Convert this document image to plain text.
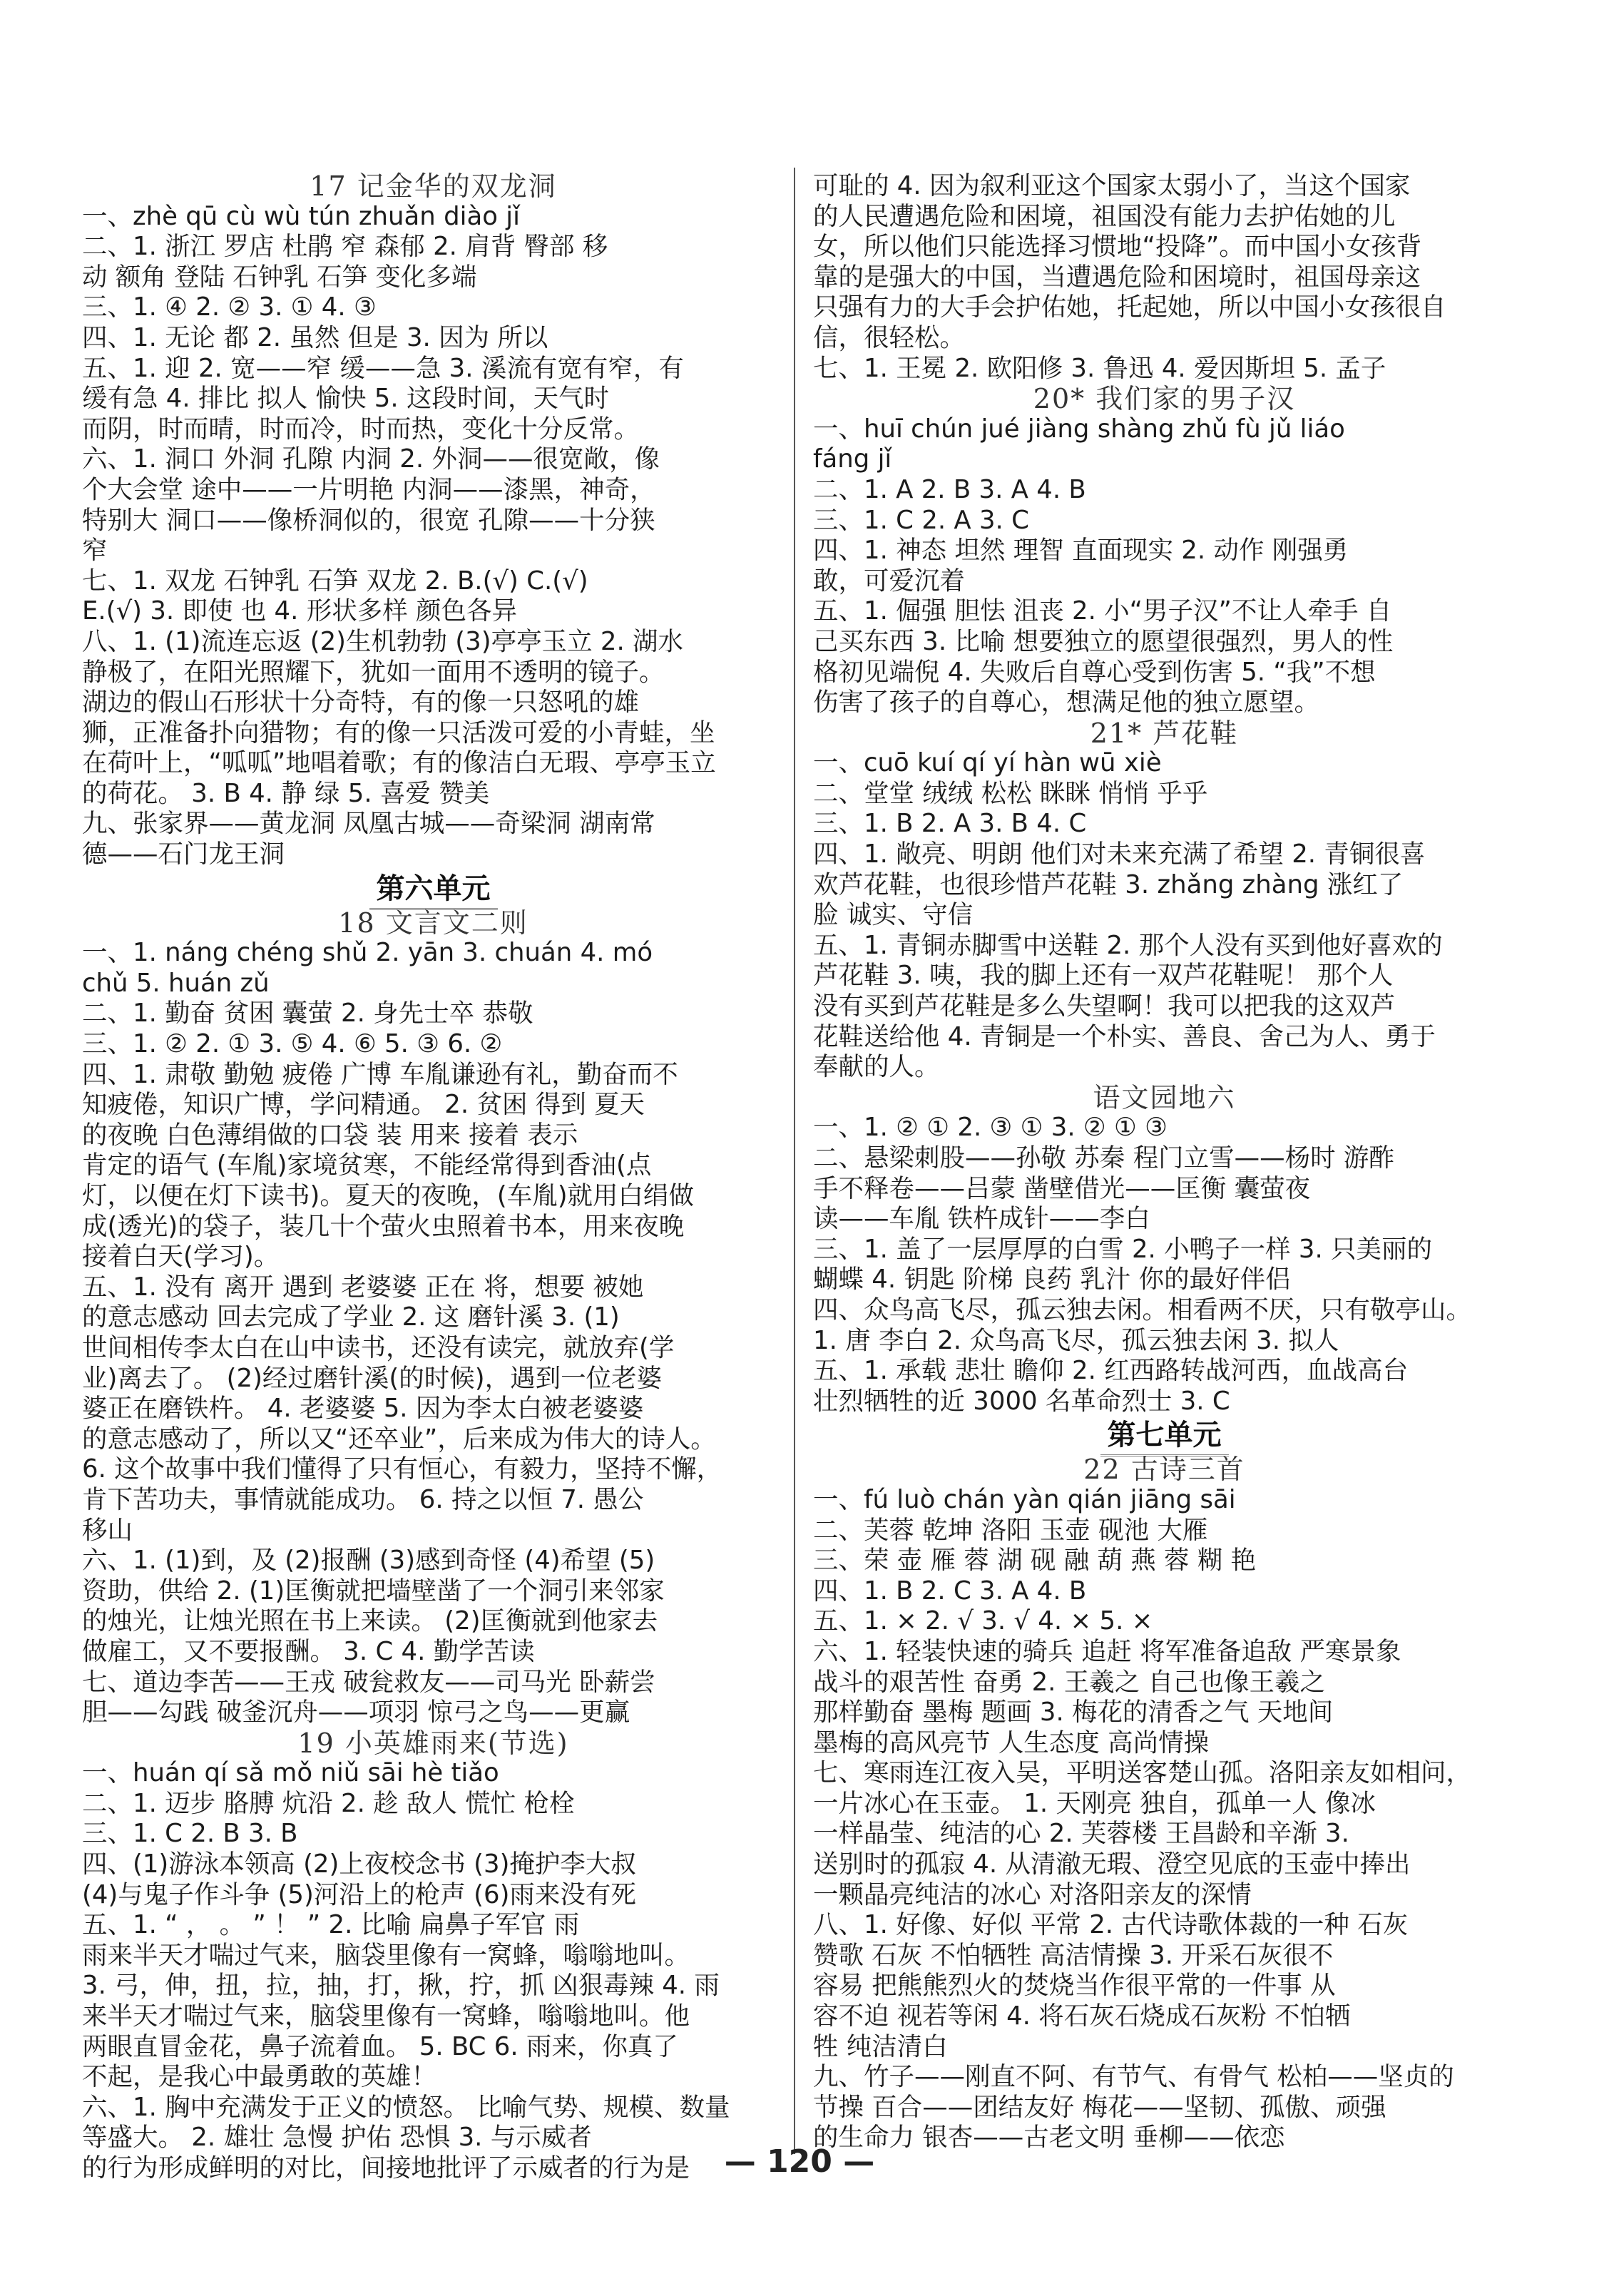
17 记金华的双龙洞
一、zhè qū cù wù tún zhuǎn diào jǐ
二、1. 浙江 罗店 杜鹃 窄 森郁 2. 肩背 臀部 移
动 额角 登陆 石钟乳 石笋 变化多端
三、1. ④ 2. ② 3. ① 4. ③
四、1. 无论 都 2. 虽然 但是 3. 因为 所以
五、1. 迎 2. 宽——窄 缓——急 3. 溪流有宽有窄，有
缓有急 4. 排比 拟人 愉快 5. 这段时间，天气时
而阴，时而晴，时而冷，时而热，变化十分反常。
六、1. 洞口 外洞 孔隙 内洞 2. 外洞——很宽敞，像
个大会堂 途中——一片明艳 内洞——漆黑，神奇，
特别大 洞口——像桥洞似的，很宽 孔隙——十分狭
窄
七、1. 双龙 石钟乳 石笋 双龙 2. B.(√) C.(√)
E.(√) 3. 即使 也 4. 形状多样 颜色各异
八、1. (1)流连忘返 (2)生机勃勃 (3)亭亭玉立 2. 湖水
静极了，在阳光照耀下，犹如一面用不透明的镜子。
湖边的假山石形状十分奇特，有的像一只怒吼的雄
狮，正准备扑向猎物；有的像一只活泼可爱的小青蛙，坐
在荷叶上，“呱呱”地唱着歌；有的像洁白无瑕、亭亭玉立
的荷花。 3. B 4. 静 绿 5. 喜爱 赞美
九、张家界——黄龙洞 凤凰古城——奇梁洞 湖南常
德——石门龙王洞
第六单元
18 文言文二则
一、1. náng chéng shǔ 2. yān 3. chuán 4. mó
chǔ 5. huán zǔ
二、1. 勤奋 贫困 囊萤 2. 身先士卒 恭敬
三、1. ② 2. ① 3. ⑤ 4. ⑥ 5. ③ 6. ②
四、1. 肃敬 勤勉 疲倦 广博 车胤谦逊有礼，勤奋而不
知疲倦，知识广博，学问精通。 2. 贫困 得到 夏天
的夜晚 白色薄绢做的口袋 装 用来 接着 表示
肯定的语气 (车胤)家境贫寒，不能经常得到香油(点
灯，以便在灯下读书)。夏天的夜晚，(车胤)就用白绢做
成(透光)的袋子，装几十个萤火虫照着书本，用来夜晚
接着白天(学习)。
五、1. 没有 离开 遇到 老婆婆 正在 将，想要 被她
的意志感动 回去完成了学业 2. 这 磨针溪 3. (1)
世间相传李太白在山中读书，还没有读完，就放弃(学
业)离去了。 (2)经过磨针溪(的时候)，遇到一位老婆
婆正在磨铁杵。 4. 老婆婆 5. 因为李太白被老婆婆
的意志感动了，所以又“还卒业”，后来成为伟大的诗人。
6. 这个故事中我们懂得了只有恒心，有毅力，坚持不懈，
肯下苦功夫，事情就能成功。 6. 持之以恒 7. 愚公
移山
六、1. (1)到，及 (2)报酬 (3)感到奇怪 (4)希望 (5)
资助，供给 2. (1)匡衡就把墙壁凿了一个洞引来邻家
的烛光，让烛光照在书上来读。 (2)匡衡就到他家去
做雇工，又不要报酬。 3. C 4. 勤学苦读
七、道边李苦——王戎 破瓮救友——司马光 卧薪尝
胆——勾践 破釜沉舟——项羽 惊弓之鸟——更赢
19 小英雄雨来(节选)
一、huán qí sǎ mǒ niǔ sāi hè tiǎo
二、1. 迈步 胳膊 炕沿 2. 趁 敌人 慌忙 枪栓
三、1. C 2. B 3. B
四、(1)游泳本领高 (2)上夜校念书 (3)掩护李大叔
(4)与鬼子作斗争 (5)河沿上的枪声 (6)雨来没有死
五、1. “ ， 。 ” ！ ” 2. 比喻 扁鼻子军官 雨
雨来半天才喘过气来，脑袋里像有一窝蜂，嗡嗡地叫。
3. 弓，伸，扭，拉，抽，打，揪，拧，抓 凶狠毒辣 4. 雨
来半天才喘过气来，脑袋里像有一窝蜂，嗡嗡地叫。他
两眼直冒金花，鼻子流着血。 5. BC 6. 雨来，你真了
不起，是我心中最勇敢的英雄！
六、1. 胸中充满发于正义的愤怒。 比喻气势、规模、数量
等盛大。 2. 雄壮 急慢 护佑 恐惧 3. 与示威者
的行为形成鲜明的对比，间接地批评了示威者的行为是
可耻的 4. 因为叙利亚这个国家太弱小了，当这个国家
的人民遭遇危险和困境，祖国没有能力去护佑她的儿
女，所以他们只能选择习惯地“投降”。而中国小女孩背
靠的是强大的中国，当遭遇危险和困境时，祖国母亲这
只强有力的大手会护佑她，托起她，所以中国小女孩很自
信，很轻松。
七、1. 王冕 2. 欧阳修 3. 鲁迅 4. 爱因斯坦 5. 孟子
20* 我们家的男子汉
一、huī chún jué jiàng shàng zhǔ fù jǔ liáo
fáng jǐ
二、1. A 2. B 3. A 4. B
三、1. C 2. A 3. C
四、1. 神态 坦然 理智 直面现实 2. 动作 刚强勇
敢，可爱沉着
五、1. 倔强 胆怯 沮丧 2. 小“男子汉”不让人牵手 自
己买东西 3. 比喻 想要独立的愿望很强烈，男人的性
格初见端倪 4. 失败后自尊心受到伤害 5. “我”不想
伤害了孩子的自尊心，想满足他的独立愿望。
21* 芦花鞋
一、cuō kuí qí yí hàn wū xiè
二、堂堂 绒绒 松松 眯眯 悄悄 乎乎
三、1. B 2. A 3. B 4. C
四、1. 敞亮、明朗 他们对未来充满了希望 2. 青铜很喜
欢芦花鞋，也很珍惜芦花鞋 3. zhǎng zhàng 涨红了
脸 诚实、守信
五、1. 青铜赤脚雪中送鞋 2. 那个人没有买到他好喜欢的
芦花鞋 3. 咦，我的脚上还有一双芦花鞋呢！ 那个人
没有买到芦花鞋是多么失望啊！我可以把我的这双芦
花鞋送给他 4. 青铜是一个朴实、善良、舍己为人、勇于
奉献的人。
语文园地六
一、1. ② ① 2. ③ ① 3. ② ① ③
二、悬梁刺股——孙敬 苏秦 程门立雪——杨时 游酢
手不释卷——吕蒙 凿壁借光——匡衡 囊萤夜
读——车胤 铁杵成针——李白
三、1. 盖了一层厚厚的白雪 2. 小鸭子一样 3. 只美丽的
蝴蝶 4. 钥匙 阶梯 良药 乳汁 你的最好伴侣
四、众鸟高飞尽，孤云独去闲。相看两不厌，只有敬亭山。
1. 唐 李白 2. 众鸟高飞尽，孤云独去闲 3. 拟人
五、1. 承载 悲壮 瞻仰 2. 红西路转战河西，血战高台
壮烈牺牲的近 3000 名革命烈士 3. C
第七单元
22 古诗三首
一、fú luò chán yàn qián jiāng sāi
二、芙蓉 乾坤 洛阳 玉壶 砚池 大雁
三、荣 壶 雁 蓉 湖 砚 融 葫 燕 蓉 糊 艳
四、1. B 2. C 3. A 4. B
五、1. × 2. √ 3. √ 4. × 5. ×
六、1. 轻装快速的骑兵 追赶 将军准备追敌 严寒景象
战斗的艰苦性 奋勇 2. 王羲之 自己也像王羲之
那样勤奋 墨梅 题画 3. 梅花的清香之气 天地间
墨梅的高风亮节 人生态度 高尚情操
七、寒雨连江夜入吴，平明送客楚山孤。洛阳亲友如相问，
一片冰心在玉壶。 1. 天刚亮 独自，孤单一人 像冰
一样晶莹、纯洁的心 2. 芙蓉楼 王昌龄和辛渐 3.
送别时的孤寂 4. 从清澈无瑕、澄空见底的玉壶中捧出
一颗晶亮纯洁的冰心 对洛阳亲友的深情
八、1. 好像、好似 平常 2. 古代诗歌体裁的一种 石灰
赞歌 石灰 不怕牺牲 高洁情操 3. 开采石灰很不
容易 把熊熊烈火的焚烧当作很平常的一件事 从
容不迫 视若等闲 4. 将石灰石烧成石灰粉 不怕牺
牲 纯洁清白
九、竹子——刚直不阿、有节气、有骨气 松柏——坚贞的
节操 百合——团结友好 梅花——坚韧、孤傲、顽强
的生命力 银杏——古老文明 垂柳——依恋
— 120 —
